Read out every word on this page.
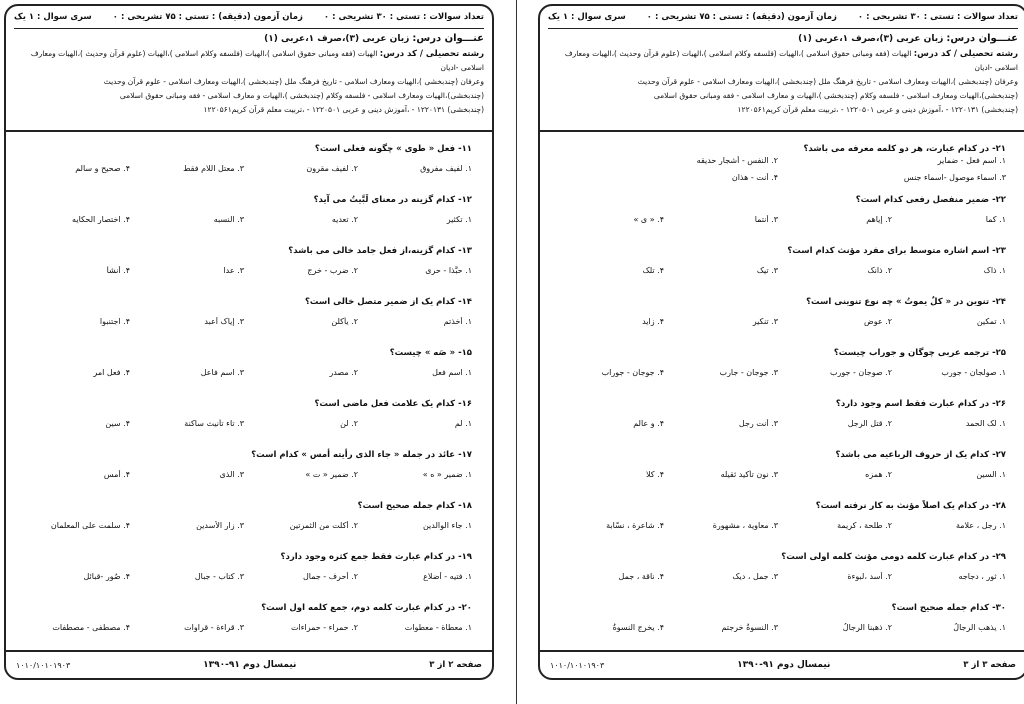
تعداد سوالات : تستی : ۳۰ تشریحی : ۰
زمان آزمون (دقیقه) : تستی : ۷۵ تشریحی : ۰
سری سوال : ۱ یک
عنـــوان درس: زبان عربی (۳)،صرف ۱،عربی (۱)
رشته تحصیلی / کد درس: الهیات (فقه ومبانی حقوق اسلامی )،الهیات (فلسفه وکلام اسلامی )،الهیات (علوم قرآن وحدیث )،الهیات ومعارف اسلامی -ادیان
وعرفان (چندبخشی )،الهیات ومعارف اسلامی - تاریخ فرهنگ ملل (چندبخشی )،الهیات ومعارف اسلامی - علوم قرآن وحدیث
(چندبخشی)،الهیات ومعارف اسلامی - فلسفه وکلام (چندبخشی )،الهیات و معارف اسلامی - فقه ومبانی حقوق اسلامی
(چندبخشی) ۱۲۲۰۱۳۱ - ،آموزش دینی و عربی ۱۲۲۰۵۰۱ - ،تربیت معلم قرآن کریم۱۲۲۰۵۶۱
۱۱- فعل « طوی » چگونه فعلی است؟
۱. لفیف مفروق
۲. لفیف مقرون
۳. معتل اللام فقط
۴. صحیح و سالم
۱۲- کدام گزینه در معنای لَبَّیتُ می آید؟
۱. تکثیر
۲. تعدیه
۳. النسبه
۴. اختصار الحکایه
۱۳- کدام گزینه،از فعل جامد خالی می باشد؟
۱. حبَّذا - حری
۲. ضرب - خرج
۳. عدا
۴. أنشأ
۱۴- کدام یک از ضمیر متصل خالی است؟
۱. أخذتم
۲. یأکلن
۳. إیاک أعبد
۴. اجتنبوا
۱۵- « صَه » چیست؟
۱. اسم فعل
۲. مصدر
۳. اسم فاعل
۴. فعل امر
۱۶- کدام یک علامت فعل ماضی است؟
۱. لم
۲. لن
۳. تاء تأنیث ساکنة
۴. سین
۱۷- عائد در جمله « جاء الذی رأیته أمس » کدام است؟
۱. ضمیر « ه »
۲. ضمیر « ت »
۳. الذی
۴. أمس
۱۸- کدام جمله صحیح است؟
۱. جاء الوالدین
۲. أکلت من الثمرتین
۳. زار الأسدین
۴. سلمت علی المعلمان
۱۹- در کدام عبارت فقط جمع کثره وجود دارد؟
۱. فتیه - أضلاع
۲. أحرف - جمال
۳. کتاب - جبال
۴. صُور -قبائل
۲۰- در کدام عبارت کلمه دوم، جمع کلمه اول است؟
۱. معطاة - معطوات
۲. حمراء - حمراءات
۳. قراءة - قراوات
۴. مصطفی - مصطفات
صفحه ۲ از ۳
نیمسال دوم ۹۱-۱۳۹۰
۱۰۱۰/۱۰۱۰۱۹۰۳
تعداد سوالات : تستی : ۳۰ تشریحی : ۰
زمان آزمون (دقیقه) : تستی : ۷۵ تشریحی : ۰
سری سوال : ۱ یک
عنـــوان درس: زبان عربی (۳)،صرف ۱،عربی (۱)
رشته تحصیلی / کد درس: الهیات (فقه ومبانی حقوق اسلامی )،الهیات (فلسفه وکلام اسلامی )،الهیات (علوم قرآن وحدیث )،الهیات ومعارف اسلامی -ادیان
وعرفان (چندبخشی )،الهیات ومعارف اسلامی - تاریخ فرهنگ ملل (چندبخشی )،الهیات ومعارف اسلامی - علوم قرآن وحدیث
(چندبخشی)،الهیات ومعارف اسلامی - فلسفه وکلام (چندبخشی )،الهیات و معارف اسلامی - فقه ومبانی حقوق اسلامی
(چندبخشی) ۱۲۲۰۱۳۱ - ،آموزش دینی و عربی ۱۲۲۰۵۰۱ - ،تربیت معلم قرآن کریم۱۲۲۰۵۶۱
۲۱- در کدام عبارت، هر دو کلمه معرفه می باشد؟
۱. اسم فعل - ضمایر
۲. النفس - أشجار حدیقه
۳. اسماء موصول -اسماء جنس
۴. أنت - هذان
۲۲- ضمیر منفصل رفعی کدام است؟
۱. کما
۲. إیاهم
۳. أنتما
۴. « ی »
۲۳- اسم اشاره متوسط برای مفرد مؤنث کدام است؟
۱. ذاک
۲. ذانک
۳. تیک
۴. تلک
۲۴- تنوین در « کلٌ یموتُ » چه نوع تنوینی است؟
۱. تمکین
۲. عوض
۳. تنکیر
۴. زاید
۲۵- ترجمه عربی چوگان و جوراب چیست؟
۱. صولجان - جورب
۲. صوجان - جورب
۳. جوجان - جارب
۴. جوجان - جوراب
۲۶- در کدام عبارت فقط اسم وجود دارد؟
۱. لک الحمد
۲. قتل الرجل
۳. أنت رجل
۴. و عالم
۲۷- کدام یک از حروف الرباعیه می باشد؟
۱. السین
۲. همزه
۳. نون تأکید ثقیله
۴. کلّا
۲۸- در کدام یک اصلاً مؤنث به کار نرفته است؟
۱. رجل ، علامة
۲. طلحة ، کریمة
۳. معاویة ، مشهورة
۴. شاعرة ، نسّابة
۲۹- در کدام عبارت کلمه دومی مؤنث کلمه اولی است؟
۱. ثور ، دجاجه
۲. أسد ،لبوءة
۳. جمل ، دیک
۴. ناقة ، جمل
۳۰- کدام جمله صحیح است؟
۱. یذهب الرجالُ
۲. ذهبنا الرجالُ
۳. النسوةُ خرجتم
۴. یخرج النسوةُ
صفحه ۳ از ۳
نیمسال دوم ۹۱-۱۳۹۰
۱۰۱۰/۱۰۱۰۱۹۰۳
